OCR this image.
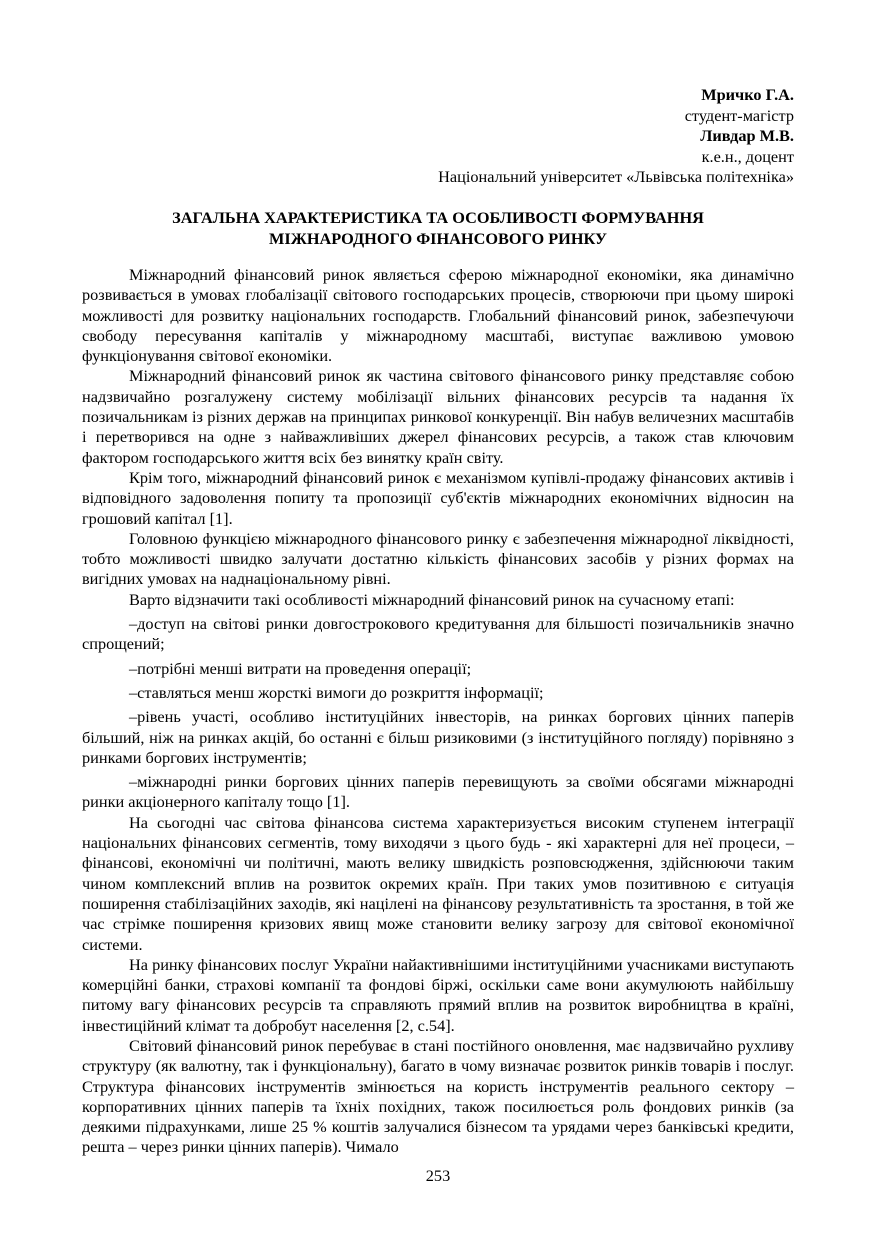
Мричко Г.А.
студент-магістр
Ливдар М.В.
к.е.н., доцент
Національний університет «Львівська політехніка»
ЗАГАЛЬНА ХАРАКТЕРИСТИКА ТА ОСОБЛИВОСТІ ФОРМУВАННЯ
МІЖНАРОДНОГО ФІНАНСОВОГО РИНКУ

Міжнародний фінансовий ринок являється сферою міжнародної економіки, яка динамічно розвивається в умовах глобалізації світового господарських процесів, створюючи при цьому широкі можливості для розвитку національних господарств. Глобальний фінансовий ринок, забезпечуючи свободу пересування капіталів у міжнародному масштабі, виступає важливою умовою функціонування світової економіки.

Міжнародний фінансовий ринок як частина світового фінансового ринку представляє собою надзвичайно розгалужену систему мобілізації вільних фінансових ресурсів та надання їх позичальникам із різних держав на принципах ринкової конкуренції. Він набув величезних масштабів і перетворився на одне з найважливіших джерел фінансових ресурсів, а також став ключовим фактором господарського життя всіх без винятку країн світу.

Крім того, міжнародний фінансовий ринок є механізмом купівлі-продажу фінансових активів і відповідного задоволення попиту та пропозиції суб'єктів міжнародних економічних відносин на грошовий капітал [1].

Головною функцією міжнародного фінансового ринку є забезпечення міжнародної ліквідності, тобто можливості швидко залучати достатню кількість фінансових засобів у різних формах на вигідних умовах на наднаціональному рівні.

Варто відзначити такі особливості міжнародний фінансовий ринок на сучасному етапі:

–доступ на світові ринки довгострокового кредитування для більшості позичальників значно спрощений;

–потрібні менші витрати на проведення операції;

–ставляться менш жорсткі вимоги до розкриття інформації;

–рівень участі, особливо інституційних інвесторів, на ринках боргових цінних паперів більший, ніж на ринках акцій, бо останні є більш ризиковими (з інституційного погляду) порівняно з ринками боргових інструментів;

–міжнародні ринки боргових цінних паперів перевищують за своїми обсягами міжнародні ринки акціонерного капіталу тощо [1].

На сьогодні час світова фінансова система характеризується високим ступенем інтеграції національних фінансових сегментів, тому виходячи з цього будь - які характерні для неї процеси, – фінансові, економічні чи політичні, мають велику швидкість розповсюдження, здійснюючи таким чином комплексний вплив на розвиток окремих країн. При таких умов позитивною є ситуація поширення стабілізаційних заходів, які націлені на фінансову результативність та зростання, в той же час стрімке поширення кризових явищ може становити велику загрозу для світової економічної системи.

На ринку фінансових послуг України найактивнішими інституційними учасниками виступають комерційні банки, страхові компанії та фондові біржі, оскільки саме вони акумулюють найбільшу питому вагу фінансових ресурсів та справляють прямий вплив на розвиток виробництва в країні, інвестиційний клімат та добробут населення [2, с.54].

Світовий фінансовий ринок перебуває в стані постійного оновлення, має надзвичайно рухливу структуру (як валютну, так і функціональну), багато в чому визначає розвиток ринків товарів і послуг. Структура фінансових інструментів змінюється на користь інструментів реального сектору – корпоративних цінних паперів та їхніх похідних, також посилюється роль фондових ринків (за деякими підрахунками, лише 25 % коштів залучалися бізнесом та урядами через банківські кредити, решта – через ринки цінних паперів). Чимало

253
